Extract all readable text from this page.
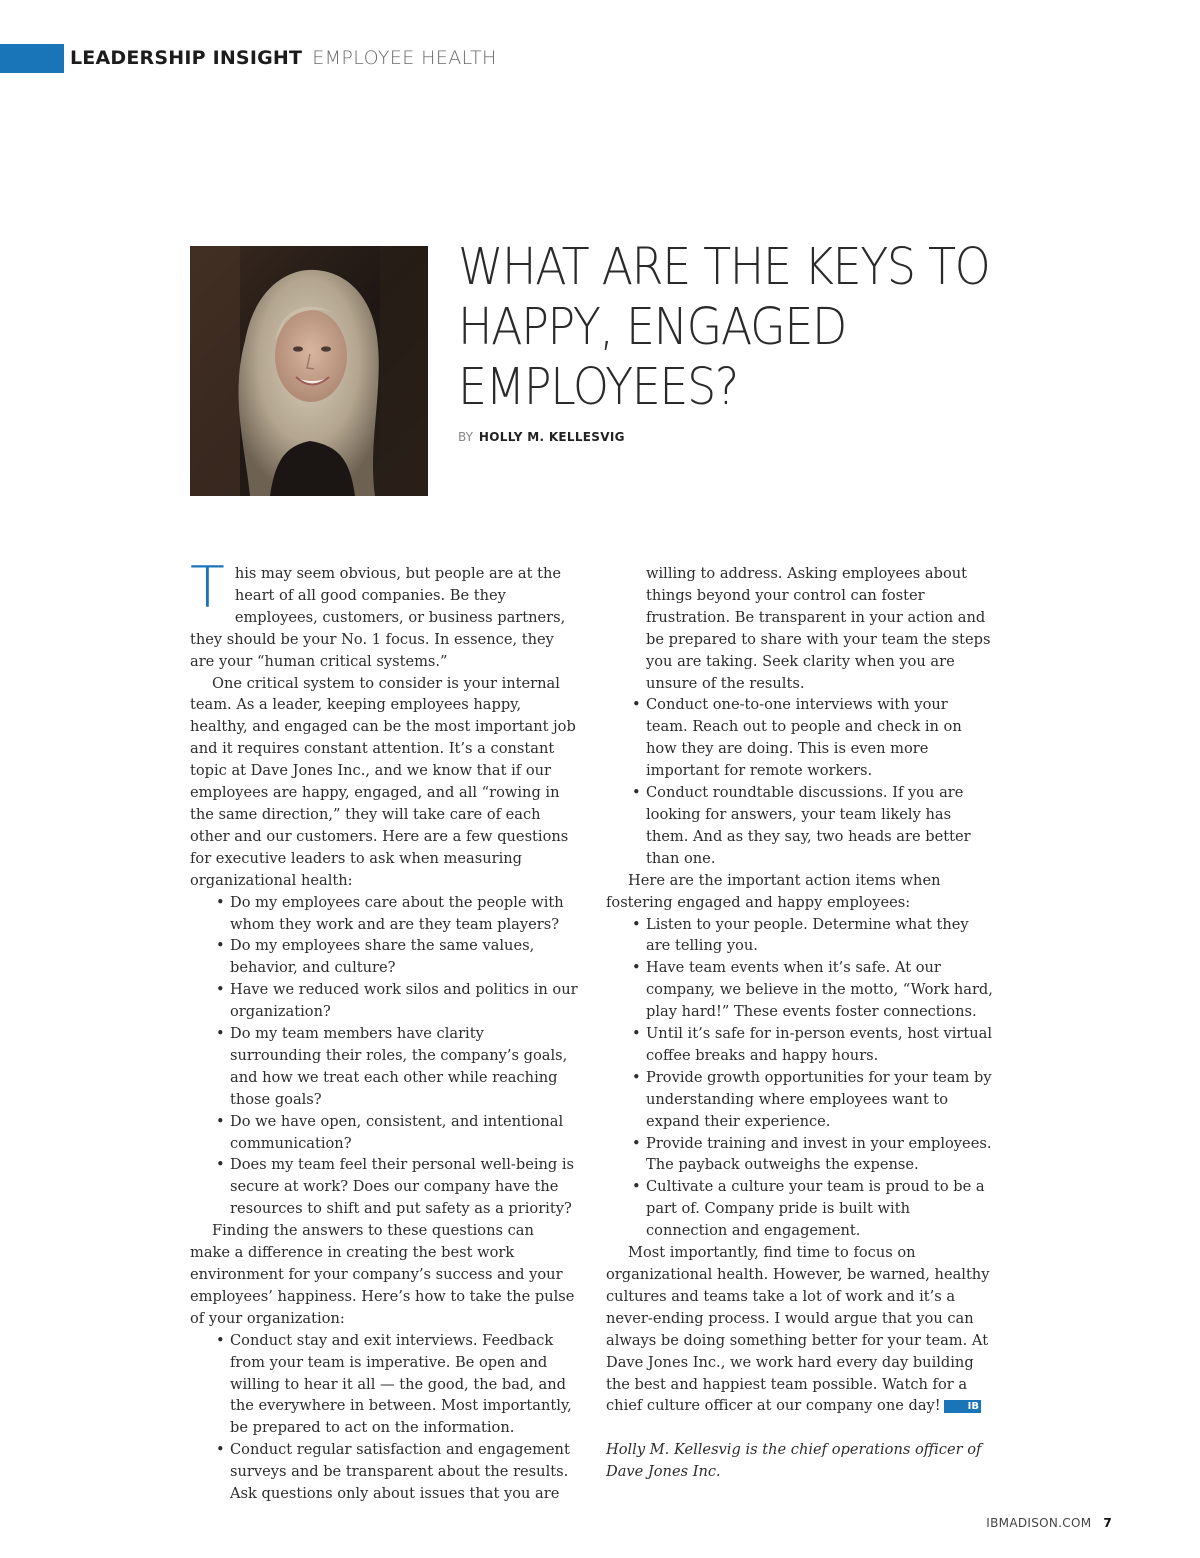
LEADERSHIP INSIGHT EMPLOYEE HEALTH
WHAT ARE THE KEYS TO HAPPY, ENGAGED EMPLOYEES?
BY HOLLY M. KELLESVIG

This may seem obvious, but people are at the heart of all good companies. Be they employees, customers, or business partners, they should be your No. 1 focus. In essence, they are your “human critical systems.”

One critical system to consider is your internal team. As a leader, keeping employees happy, healthy, and engaged can be the most important job and it requires constant attention. It’s a constant topic at Dave Jones Inc., and we know that if our employees are happy, engaged, and all “rowing in the same direction,” they will take care of each other and our customers. Here are a few questions for executive leaders to ask when measuring organizational health:

• Do my employees care about the people with whom they work and are they team players?
• Do my employees share the same values, behavior, and culture?
• Have we reduced work silos and politics in our organization?
• Do my team members have clarity surrounding their roles, the company’s goals, and how we treat each other while reaching those goals?
• Do we have open, consistent, and intentional communication?
• Does my team feel their personal well-being is secure at work? Does our company have the resources to shift and put safety as a priority?

Finding the answers to these questions can make a difference in creating the best work environment for your company’s success and your employees’ happiness. Here’s how to take the pulse of your organization:

• Conduct stay and exit interviews. Feedback from your team is imperative. Be open and willing to hear it all — the good, the bad, and the everywhere in between. Most importantly, be prepared to act on the information.
• Conduct regular satisfaction and engagement surveys and be transparent about the results. Ask questions only about issues that you are
willing to address. Asking employees about things beyond your control can foster frustration. Be transparent in your action and be prepared to share with your team the steps you are taking. Seek clarity when you are unsure of the results.
• Conduct one-to-one interviews with your team. Reach out to people and check in on how they are doing. This is even more important for remote workers.
• Conduct roundtable discussions. If you are looking for answers, your team likely has them. And as they say, two heads are better than one.

Here are the important action items when fostering engaged and happy employees:

• Listen to your people. Determine what they are telling you.
• Have team events when it’s safe. At our company, we believe in the motto, “Work hard, play hard!” These events foster connections.
• Until it’s safe for in-person events, host virtual coffee breaks and happy hours.
• Provide growth opportunities for your team by understanding where employees want to expand their experience.
• Provide training and invest in your employees. The payback outweighs the expense.
• Cultivate a culture your team is proud to be a part of. Company pride is built with connection and engagement.

Most importantly, find time to focus on organizational health. However, be warned, healthy cultures and teams take a lot of work and it’s a never-ending process. I would argue that you can always be doing something better for your team. At Dave Jones Inc., we work hard every day building the best and happiest team possible. Watch for a chief culture officer at our company one day!	IB

Holly M. Kellesvig is the chief operations officer of Dave Jones Inc.

IBMADISON.COM 7
